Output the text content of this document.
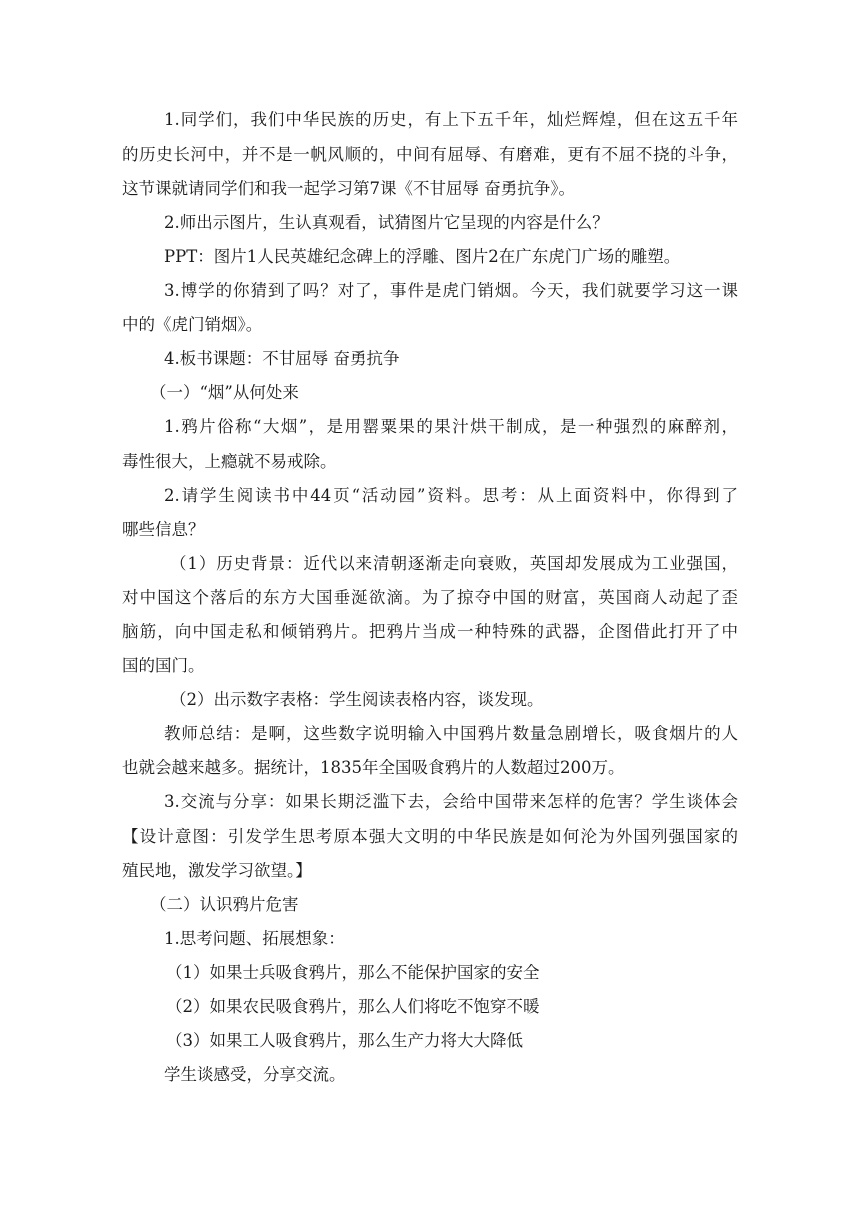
1.同学们，我们中华民族的历史，有上下五千年，灿烂辉煌，但在这五千年
的历史长河中，并不是一帆风顺的，中间有屈辱、有磨难，更有不屈不挠的斗争，
这节课就请同学们和我一起学习第7课《不甘屈辱 奋勇抗争》。
2.师出示图片，生认真观看，试猜图片它呈现的内容是什么？
PPT：图片1人民英雄纪念碑上的浮雕、图片2在广东虎门广场的雕塑。
3.博学的你猜到了吗？对了，事件是虎门销烟。今天，我们就要学习这一课
中的《虎门销烟》。
4.板书课题：不甘屈辱 奋勇抗争
（一）“烟”从何处来
1.鸦片俗称“大烟”，是用罂粟果的果汁烘干制成，是一种强烈的麻醉剂，
毒性很大，上瘾就不易戒除。
2.请学生阅读书中44页“活动园”资料。思考：从上面资料中，你得到了
哪些信息？
（1）历史背景：近代以来清朝逐渐走向衰败，英国却发展成为工业强国，
对中国这个落后的东方大国垂涎欲滴。为了掠夺中国的财富，英国商人动起了歪
脑筋，向中国走私和倾销鸦片。把鸦片当成一种特殊的武器，企图借此打开了中
国的国门。
（2）出示数字表格：学生阅读表格内容，谈发现。
教师总结：是啊，这些数字说明输入中国鸦片数量急剧增长，吸食烟片的人
也就会越来越多。据统计，1835年全国吸食鸦片的人数超过200万。
3.交流与分享：如果长期泛滥下去，会给中国带来怎样的危害？学生谈体会
【设计意图：引发学生思考原本强大文明的中华民族是如何沦为外国列强国家的
殖民地，激发学习欲望。】
（二）认识鸦片危害
1.思考问题、拓展想象：
（1）如果士兵吸食鸦片，那么不能保护国家的安全
（2）如果农民吸食鸦片，那么人们将吃不饱穿不暖
（3）如果工人吸食鸦片，那么生产力将大大降低
学生谈感受，分享交流。
